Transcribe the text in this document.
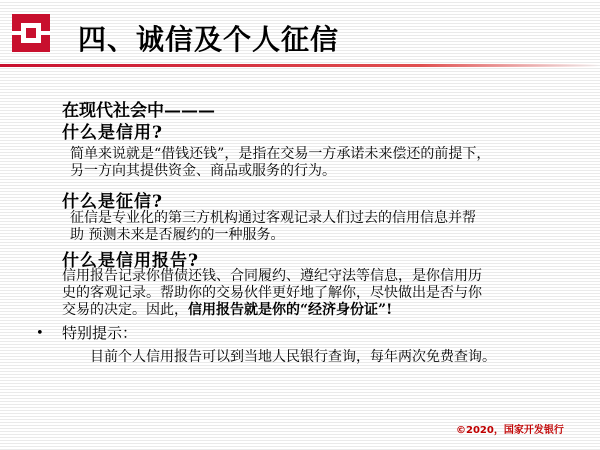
四、诚信及个人征信

在现代社会中———

什么是信用?

简单来说就是“借钱还钱”，是指在交易一方承诺未来偿还的前提下，
另一方向其提供资金、商品或服务的行为。

什么是征信?

征信是专业化的第三方机构通过客观记录人们过去的信用信息并帮
助 预测未来是否履约的一种服务。

什么是信用报告?

信用报告记录你借债还钱、合同履约、遵纪守法等信息，是你信用历
史的客观记录。帮助你的交易伙伴更好地了解你，尽快做出是否与你
交易的决定。因此，信用报告就是你的“经济身份证”!
• 特别提示：

目前个人信用报告可以到当地人民银行查询，每年两次免费查询。

©2020，国家开发银行
